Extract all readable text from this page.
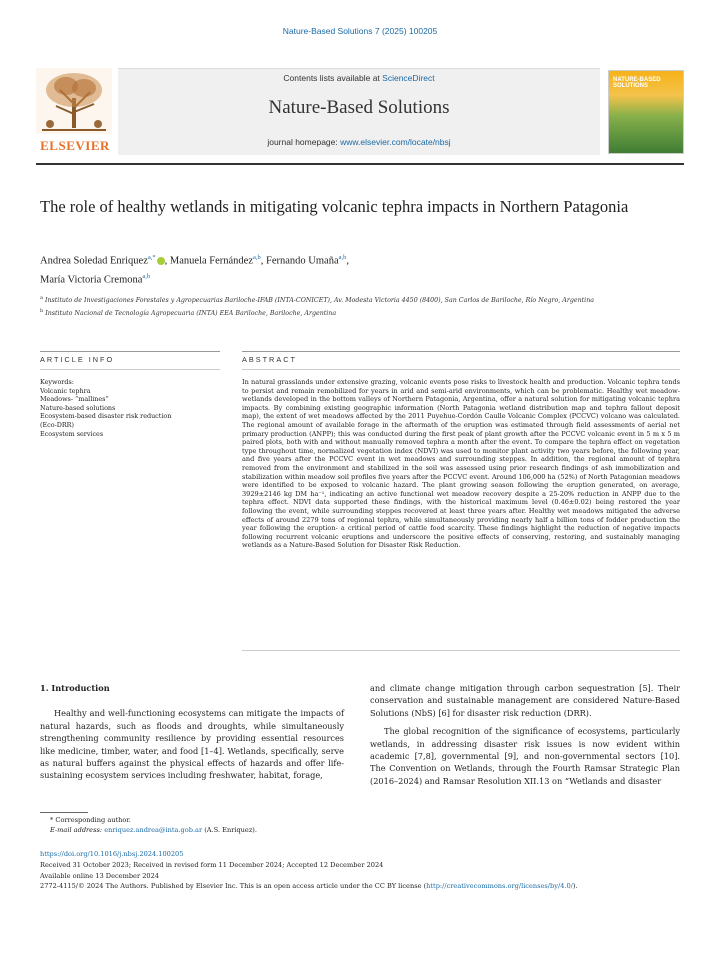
Nature-Based Solutions 7 (2025) 100205
ELSEVIER
Contents lists available at ScienceDirect
Nature-Based Solutions
journal homepage: www.elsevier.com/locate/nbsj
NATURE-BASED SOLUTIONS
The role of healthy wetlands in mitigating volcanic tephra impacts in Northern Patagonia
Andrea Soledad Enriquez$^{a,*}$ , Manuela Fernández$^{a,b}$, Fernando Umaña$^{a,b}$,
María Victoria Cremona$^{a,b}$
$^a$ Instituto de Investigaciones Forestales y Agropecuarias Bariloche-IFAB (INTA-CONICET), Av. Modesta Victoria 4450 (8400), San Carlos de Bariloche, Río Negro, Argentina
$^b$ Instituto Nacional de Tecnología Agropecuaria (INTA) EEA Bariloche, Bariloche, Argentina
ARTICLE INFO	ABSTRACT
Keywords:
Volcanic tephra
Meadows- “mallines”
Nature-based solutions
Ecosystem-based disaster risk reduction (Eco-DRR)
Ecosystem services
In natural grasslands under extensive grazing, volcanic events pose risks to livestock health and production. Volcanic tephra tends to persist and remain remobilized for years in arid and semi-arid environments, which can be problematic. Healthy wet meadow-wetlands developed in the bottom valleys of Northern Patagonia, Argentina, offer a natural solution for mitigating volcanic tephra impacts. By combining existing geographic information (North Patagonia wetland distribution map and tephra fallout deposit map), the extent of wet meadows affected by the 2011 Puyehue-Cordón Caulle Volcanic Complex (PCCVC) volcano was calculated. The regional amount of available forage in the aftermath of the eruption was estimated through field assessments of aerial net primary production (ANPP); this was conducted during the first peak of plant growth after the PCCVC volcanic event in 5 m x 5 m paired plots, both with and without manually removed tephra a month after the event. To compare the tephra effect on vegetation type throughout time, normalized vegetation index (NDVI) was used to monitor plant activity two years before, the following year, and five years after the PCCVC event in wet meadows and surrounding steppes. In addition, the regional amount of tephra removed from the environment and stabilized in the soil was assessed using prior research findings of ash immobilization and stabilization within meadow soil profiles five years after the PCCVC event. Around 106,000 ha (52%) of North Patagonian meadows were identified to be exposed to volcanic hazard. The plant growing season following the eruption generated, on average, 3929±2146 kg DM ha⁻¹, indicating an active functional wet meadow recovery despite a 25-20% reduction in ANPP due to the tephra effect. NDVI data supported these findings, with the historical maximum level (0.46±0.02) being restored the year following the event, while surrounding steppes recovered at least three years after. Healthy wet meadows mitigated the adverse effects of around 2279 tons of regional tephra, while simultaneously providing nearly half a billion tons of fodder production the year following the eruption- a critical period of cattle food scarcity. These findings highlight the reduction of negative impacts following recurrent volcanic eruptions and underscore the positive effects of conserving, restoring, and sustainably managing wetlands as a Nature-Based Solution for Disaster Risk Reduction.

1. Introduction

Healthy and well-functioning ecosystems can mitigate the impacts of natural hazards, such as floods and droughts, while simultaneously strengthening community resilience by providing essential resources like medicine, timber, water, and food [1–4]. Wetlands, specifically, serve as natural buffers against the physical effects of hazards and offer life-sustaining ecosystem services including freshwater, habitat, forage,

and climate change mitigation through carbon sequestration [5]. Their conservation and sustainable management are considered Nature-Based Solutions (NbS) [6] for disaster risk reduction (DRR).

The global recognition of the significance of ecosystems, particularly wetlands, in addressing disaster risk issues is now evident within academic [7,8], governmental [9], and non-governmental sectors [10]. The Convention on Wetlands, through the Fourth Ramsar Strategic Plan (2016–2024) and Ramsar Resolution XII.13 on “Wetlands and disaster

* Corresponding author.
E-mail address: enriquez.andrea@inta.gob.ar (A.S. Enriquez).
https://doi.org/10.1016/j.nbsj.2024.100205
Received 31 October 2023; Received in revised form 11 December 2024; Accepted 12 December 2024
Available online 13 December 2024
2772-4115/© 2024 The Authors. Published by Elsevier Inc. This is an open access article under the CC BY license (http://creativecommons.org/licenses/by/4.0/).
